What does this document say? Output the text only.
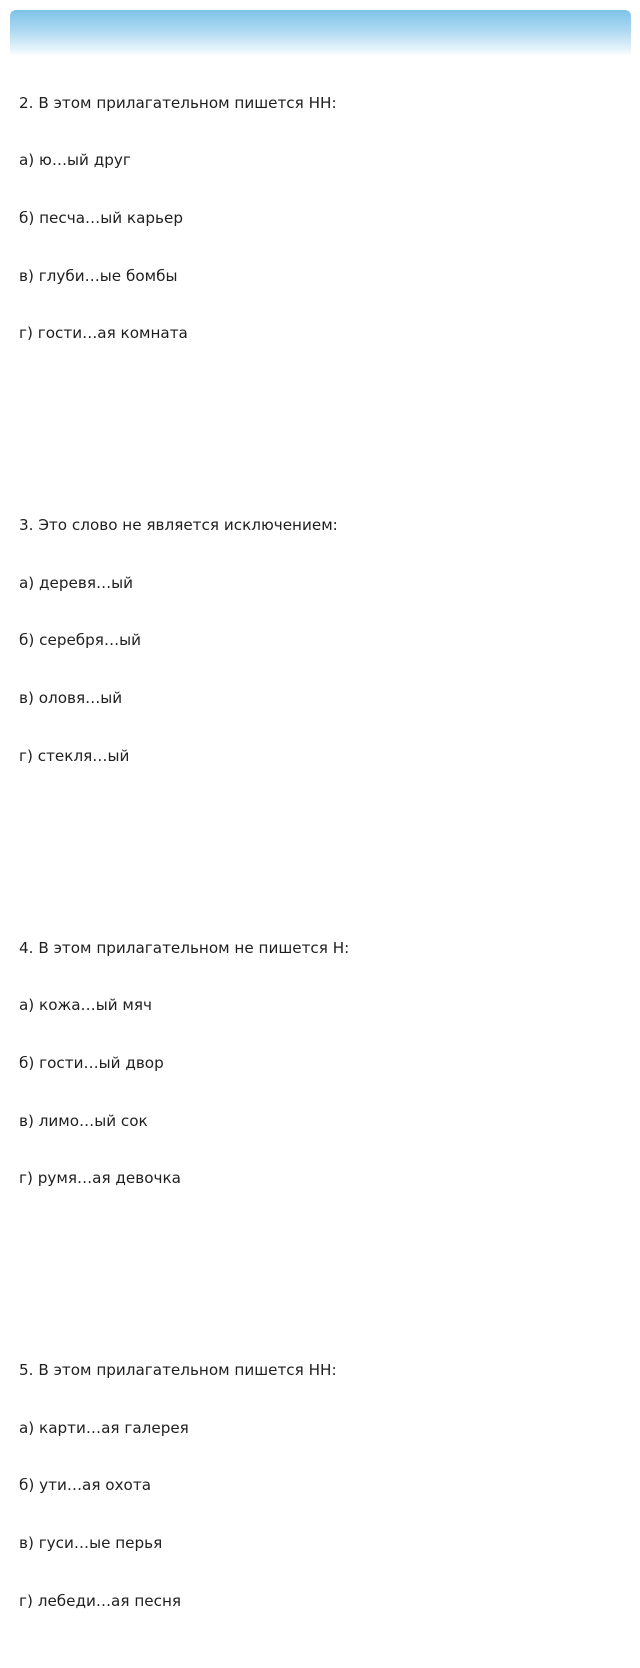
2. В этом прилагательном пишется НН:

а) ю…ый друг

б) песча…ый карьер

в) глуби…ые бомбы

г) гости…ая комната

3. Это слово не является исключением:

а) деревя…ый

б) серебря…ый

в) оловя…ый

г) стекля…ый

4. В этом прилагательном не пишется Н:

а) кожа…ый мяч

б) гости…ый двор

в) лимо…ый сок

г) румя…ая девочка

5. В этом прилагательном пишется НН:

а) карти…ая галерея

б) ути…ая охота

в) гуси…ые перья

г) лебеди…ая песня
